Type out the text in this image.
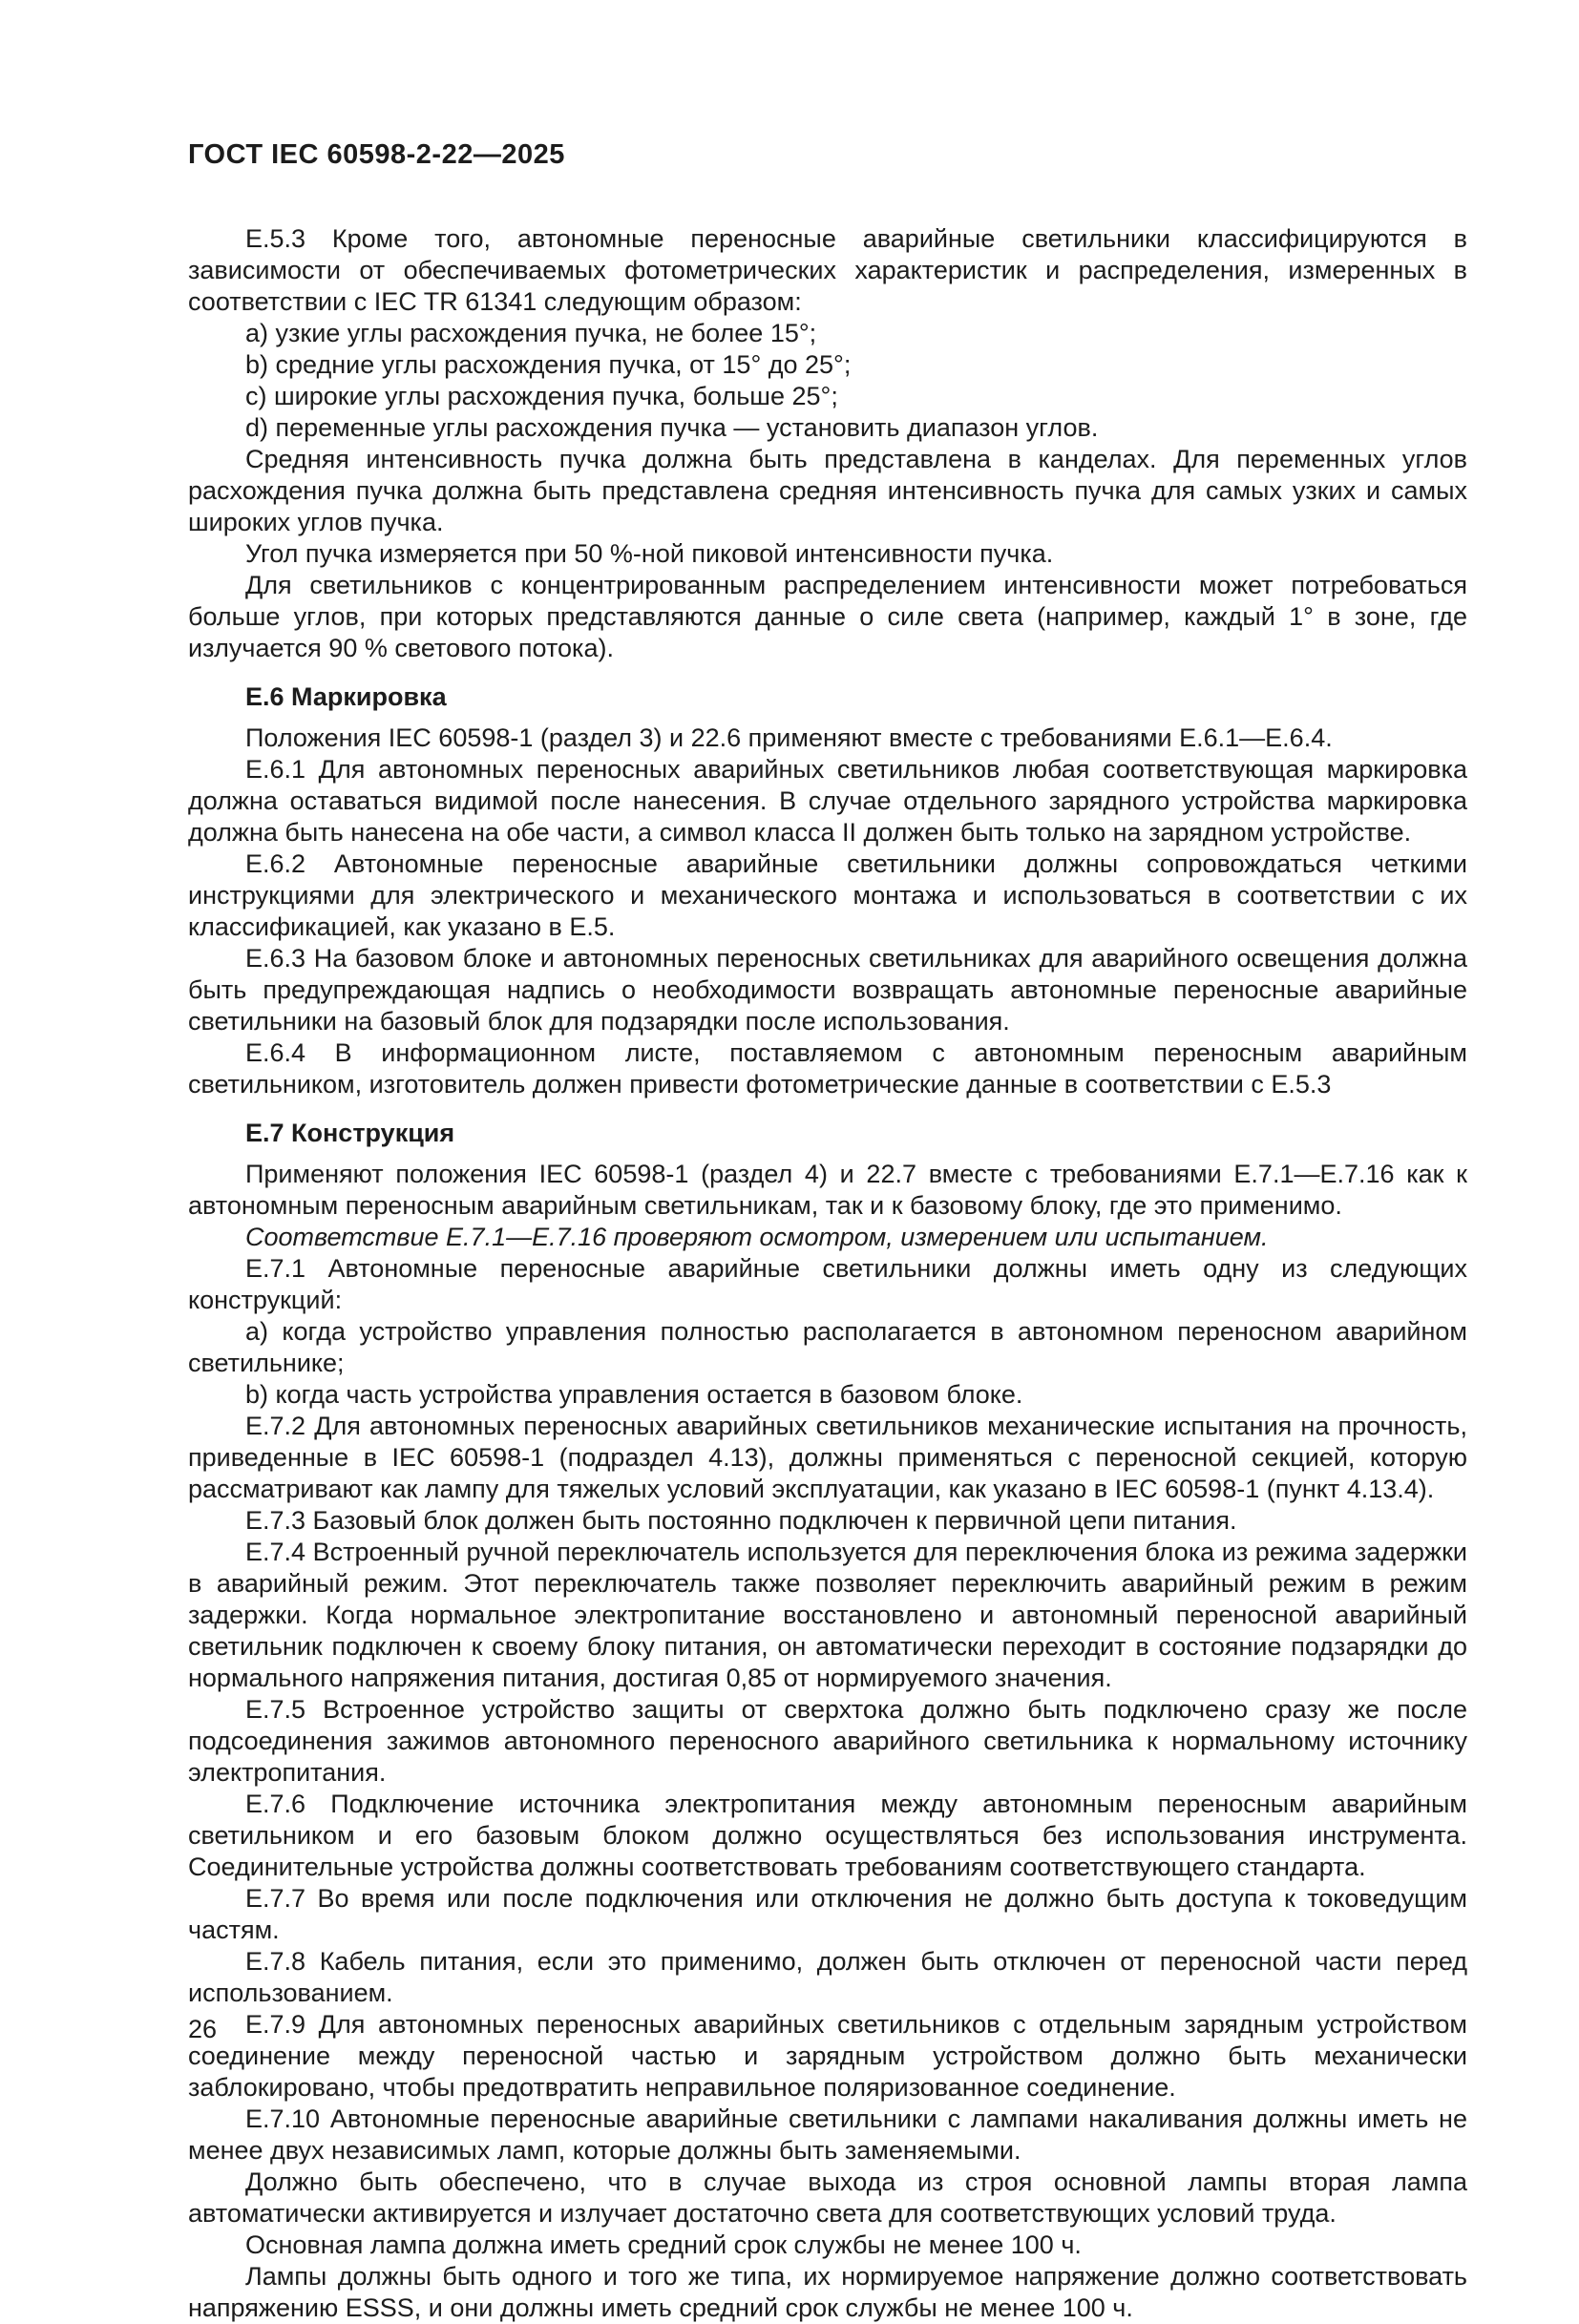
ГОСТ IEC 60598-2-22—2025

E.5.3 Кроме того, автономные переносные аварийные светильники классифицируются в зависимости от обеспечиваемых фотометрических характеристик и распределения, измеренных в соответствии с IEC TR 61341 следующим образом:

a) узкие углы расхождения пучка, не более 15°;

b) средние углы расхождения пучка, от 15° до 25°;

c) широкие углы расхождения пучка, больше 25°;

d) переменные углы расхождения пучка — установить диапазон углов.

Средняя интенсивность пучка должна быть представлена в канделах. Для переменных углов расхождения пучка должна быть представлена средняя интенсивность пучка для самых узких и самых широких углов пучка.

Угол пучка измеряется при 50 %-ной пиковой интенсивности пучка.

Для светильников с концентрированным распределением интенсивности может потребоваться больше углов, при которых представляются данные о силе света (например, каждый 1° в зоне, где излучается 90 % светового потока).

E.6 Маркировка

Положения IEC 60598-1 (раздел 3) и 22.6 применяют вместе с требованиями E.6.1—E.6.4.

E.6.1 Для автономных переносных аварийных светильников любая соответствующая маркировка должна оставаться видимой после нанесения. В случае отдельного зарядного устройства маркировка должна быть нанесена на обе части, а символ класса II должен быть только на зарядном устройстве.

E.6.2 Автономные переносные аварийные светильники должны сопровождаться четкими инструкциями для электрического и механического монтажа и использоваться в соответствии с их классификацией, как указано в E.5.

E.6.3 На базовом блоке и автономных переносных светильниках для аварийного освещения должна быть предупреждающая надпись о необходимости возвращать автономные переносные аварийные светильники на базовый блок для подзарядки после использования.

E.6.4 В информационном листе, поставляемом с автономным переносным аварийным светильником, изготовитель должен привести фотометрические данные в соответствии с E.5.3

E.7 Конструкция

Применяют положения IEC 60598-1 (раздел 4) и 22.7 вместе с требованиями E.7.1—E.7.16 как к автономным переносным аварийным светильникам, так и к базовому блоку, где это применимо.

Соответствие E.7.1—E.7.16 проверяют осмотром, измерением или испытанием.

E.7.1 Автономные переносные аварийные светильники должны иметь одну из следующих конструкций:

a) когда устройство управления полностью располагается в автономном переносном аварийном светильнике;

b) когда часть устройства управления остается в базовом блоке.

E.7.2 Для автономных переносных аварийных светильников механические испытания на прочность, приведенные в IEC 60598-1 (подраздел 4.13), должны применяться с переносной секцией, которую рассматривают как лампу для тяжелых условий эксплуатации, как указано в IEC 60598-1 (пункт 4.13.4).

E.7.3 Базовый блок должен быть постоянно подключен к первичной цепи питания.

E.7.4 Встроенный ручной переключатель используется для переключения блока из режима задержки в аварийный режим. Этот переключатель также позволяет переключить аварийный режим в режим задержки. Когда нормальное электропитание восстановлено и автономный переносной аварийный светильник подключен к своему блоку питания, он автоматически переходит в состояние подзарядки до нормального напряжения питания, достигая 0,85 от нормируемого значения.

E.7.5 Встроенное устройство защиты от сверхтока должно быть подключено сразу же после подсоединения зажимов автономного переносного аварийного светильника к нормальному источнику электропитания.

E.7.6 Подключение источника электропитания между автономным переносным аварийным светильником и его базовым блоком должно осуществляться без использования инструмента. Соединительные устройства должны соответствовать требованиям соответствующего стандарта.

E.7.7 Во время или после подключения или отключения не должно быть доступа к токоведущим частям.

E.7.8 Кабель питания, если это применимо, должен быть отключен от переносной части перед использованием.

E.7.9 Для автономных переносных аварийных светильников с отдельным зарядным устройством соединение между переносной частью и зарядным устройством должно быть механически заблокировано, чтобы предотвратить неправильное поляризованное соединение.

E.7.10 Автономные переносные аварийные светильники с лампами накаливания должны иметь не менее двух независимых ламп, которые должны быть заменяемыми.

Должно быть обеспечено, что в случае выхода из строя основной лампы вторая лампа автоматически активируется и излучает достаточно света для соответствующих условий труда.

Основная лампа должна иметь средний срок службы не менее 100 ч.

Лампы должны быть одного и того же типа, их нормируемое напряжение должно соответствовать напряжению ESSS, и они должны иметь средний срок службы не менее 100 ч.

26
